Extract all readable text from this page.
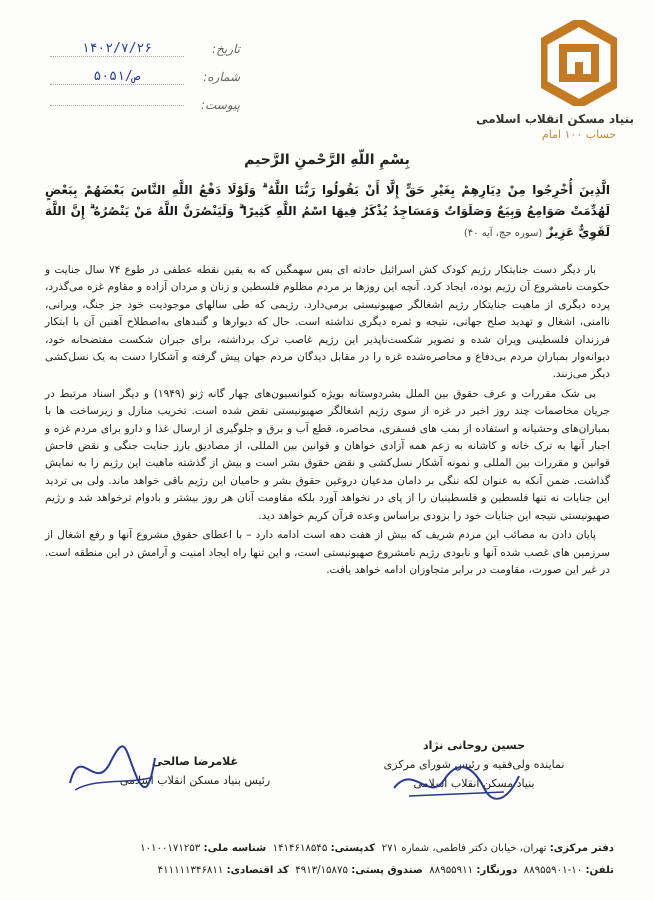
تاریخ:
۱۴۰۲/۷/۲۶
شماره:
ص/۵۰۵۱
پیوست:
بنیاد مسکن انقلاب اسلامی
حساب ۱۰۰ امام
بِسْمِ اللّهِ الرَّحْمنِ الرَّحیم
الَّذِينَ أُخْرِجُوا مِنْ دِيَارِهِمْ بِغَيْرِ حَقٍّ إِلَّا أَنْ يَقُولُوا رَبُّنَا اللَّهُ ۗ وَلَوْلَا دَفْعُ اللَّهِ النَّاسَ بَعْضَهُمْ بِبَعْضٍ لَهُدِّمَتْ صَوَامِعُ وَبِيَعٌ وَصَلَوَاتٌ وَمَسَاجِدُ يُذْكَرُ فِيهَا اسْمُ اللَّهِ كَثِيرًا ۗ وَلَيَنْصُرَنَّ اللَّهُ مَنْ يَنْصُرُهُ ۗ إِنَّ اللَّهَ لَقَوِيٌّ عَزِيزٌ (سوره حج، آیه ۴۰)

بار دیگر دست جنایتکار رژیم کودک کش اسرائیل حادثه ای بس سهمگین که به یقین نقطه عطفی در طوع ۷۴ سال جنایت و حکومت نامشروع آن رژیم بوده، ایجاد کرد. آنچه این روزها بر مردم مظلوم فلسطین و زنان و مردان آزاده و مقاوم غزه می‌گذرد، پرده دیگری از ماهیت جنایتکار رژیم اشغالگر صهیونیستی برمی‌دارد. رژیمی که طی سالهای موجودیت خود جز جنگ، ویرانی، ناامنی، اشغال و تهدید صلح جهانی، نتیجه و ثمره دیگری نداشته است. حال که دیوارها و گنبدهای به‌اصطلاح آهنین آن با ابتکار فرزندان فلسطینی ویران شده و تصویر شکست‌ناپذیر این رژیم غاصب ترک برداشته، برای جبران شکست مفتضحانه خود، دیوانه‌وار بمباران مردم بی‌دفاع و محاصره‌شده غزه را در مقابل دیدگان مردم جهان پیش گرفته و آشکارا دست به یک نسل‌کشی دیگر می‌زنند.

بی شک مقررات و عرف حقوق بین الملل بشردوستانه بویژه کنوانسیون‌های چهار گانه ژنو (۱۹۴۹) و دیگر اسناد مرتبط در جریان مخاصمات چند روز اخیر در غزه از سوی رژیم اشغالگر صهیونیستی نقض شده است. تخریب منازل و زیرساخت ها با بمباران‌های وحشیانه و استفاده از بمب های فسفری، محاصره، قطع آب و برق و جلوگیری از ارسال غذا و دارو برای مردم غزه و اجبار آنها به ترک خانه و کاشانه به زعم همه آزادی خواهان و قوانین بین المللی، از مصادیق بارز جنایت جنگی و نقض فاحش قوانین و مقررات بین المللی و نمونه آشکار نسل‌کشی و نقض حقوق بشر است و بیش از گذشته ماهیت این رژیم را به نمایش گذاشت. ضمن آنکه به عنوان لکه ننگی بر دامان مدعیان دروغین حقوق بشر و حامیان این رژیم باقی خواهد ماند. ولی بی تردید این جنایات نه تنها فلسطین و فلسطینیان را از پای در نخواهد آورد بلکه مقاومت آنان هر روز بیشتر و بادوام ترخواهد شد و رژیم صهیونیستی نتیجه این جنایات خود را بزودی براساس وعده قرآن کریم خواهد دید.

پایان دادن به مصائب این مردم شریف که بیش از هفت دهه است ادامه دارد – با اعطای حقوق مشروع آنها و رفع اشغال از سرزمین های غصب شده آنها و نابودی رژیم نامشروع صهیونیستی است، و این تنها راه ایجاد امنیت و آرامش در این منطقه است. در غیر این صورت، مقاومت در برابر متجاوزان ادامه خواهد یافت.

حسین روحانی نژاد
نماینده ولی‌فقیه و رئیس شورای مرکزی
بنیاد مسکن انقلاب اسلامی
غلامرضا صالحی
رئیس بنیاد مسکن انقلاب اسلامی
دفتر مرکزی: تهران، خیابان دکتر فاطمی، شماره ۲۷۱  کدپستی: ۱۴۱۴۶۱۸۵۴۵  شناسه ملی: ۱۰۱۰۰۱۷۱۲۵۳
تلفن: ۱۰-۸۸۹۵۵۹۰۱  دورنگار: ۸۸۹۵۵۹۱۱  صندوق پستی: ۴۹۱۳/۱۵۸۷۵  کد اقتصادی: ۴۱۱۱۱۱۳۴۶۸۱۱
